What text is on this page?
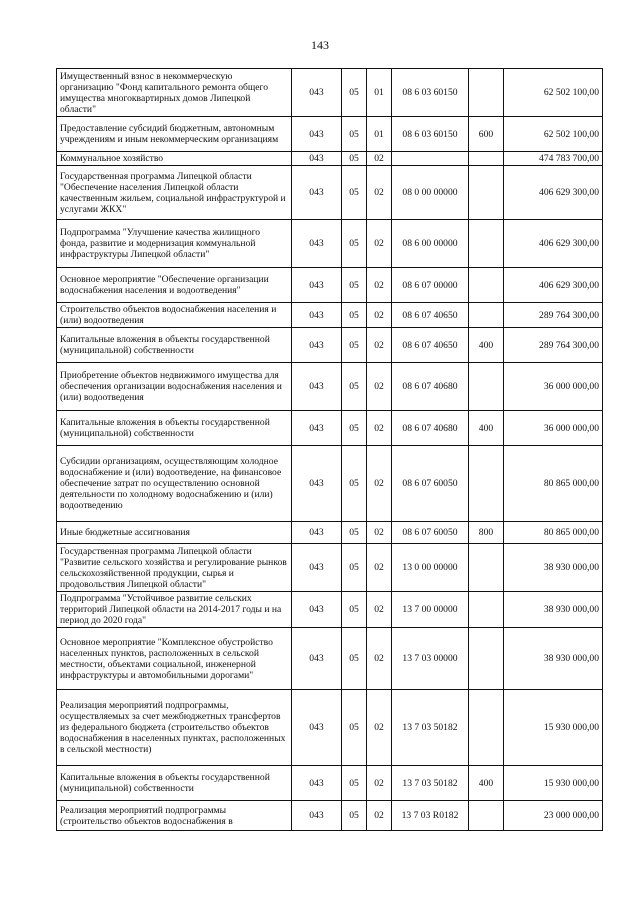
143
Имущественный взнос в некоммерческую организацию "Фонд капитального ремонта общего имущества многоквартирных домов Липецкой области"	043	05	01	08 6 03 60150		62 502 100,00
Предоставление субсидий бюджетным, автономным учреждениям и иным некоммерческим организациям	043	05	01	08 6 03 60150	600	62 502 100,00
Коммунальное хозяйство	043	05	02			474 783 700,00
Государственная программа Липецкой области "Обеспечение населения Липецкой области качественным жильем, социальной инфраструктурой и услугами ЖКХ"	043	05	02	08 0 00 00000		406 629 300,00
Подпрограмма "Улучшение качества жилищного фонда, развитие и модернизация коммунальной инфраструктуры Липецкой области"	043	05	02	08 6 00 00000		406 629 300,00
Основное мероприятие "Обеспечение организации водоснабжения населения и водоотведения"	043	05	02	08 6 07 00000		406 629 300,00
Строительство объектов водоснабжения населения и (или) водоотведения	043	05	02	08 6 07 40650		289 764 300,00
Капитальные вложения в объекты государственной (муниципальной) собственности	043	05	02	08 6 07 40650	400	289 764 300,00
Приобретение объектов недвижимого имущества для обеспечения организации водоснабжения населения и (или) водоотведения	043	05	02	08 6 07 40680		36 000 000,00
Капитальные вложения в объекты государственной (муниципальной) собственности	043	05	02	08 6 07 40680	400	36 000 000,00
Субсидии организациям, осуществляющим холодное водоснабжение и (или) водоотведение, на финансовое обеспечение затрат по осуществлению основной деятельности по холодному водоснабжению и (или) водоотведению	043	05	02	08 6 07 60050		80 865 000,00
Иные бюджетные ассигнования	043	05	02	08 6 07 60050	800	80 865 000,00
Государственная программа Липецкой области "Развитие сельского хозяйства и регулирование рынков сельскохозяйственной продукции, сырья и продовольствия Липецкой области"	043	05	02	13 0 00 00000		38 930 000,00
Подпрограмма "Устойчивое развитие сельских территорий Липецкой области на 2014-2017 годы и на период до 2020 года"	043	05	02	13 7 00 00000		38 930 000,00
Основное мероприятие "Комплексное обустройство населенных пунктов, расположенных в сельской местности, объектами социальной, инженерной инфраструктуры и автомобильными дорогами"	043	05	02	13 7 03 00000		38 930 000,00
Реализация мероприятий подпрограммы, осуществляемых за счет межбюджетных трансфертов из федерального бюджета (строительство объектов водоснабжения в населенных пунктах, расположенных в сельской местности)	043	05	02	13 7 03 50182		15 930 000,00
Капитальные вложения в объекты государственной (муниципальной) собственности	043	05	02	13 7 03 50182	400	15 930 000,00
Реализация мероприятий подпрограммы (строительство объектов водоснабжения в	043	05	02	13 7 03 R0182		23 000 000,00
